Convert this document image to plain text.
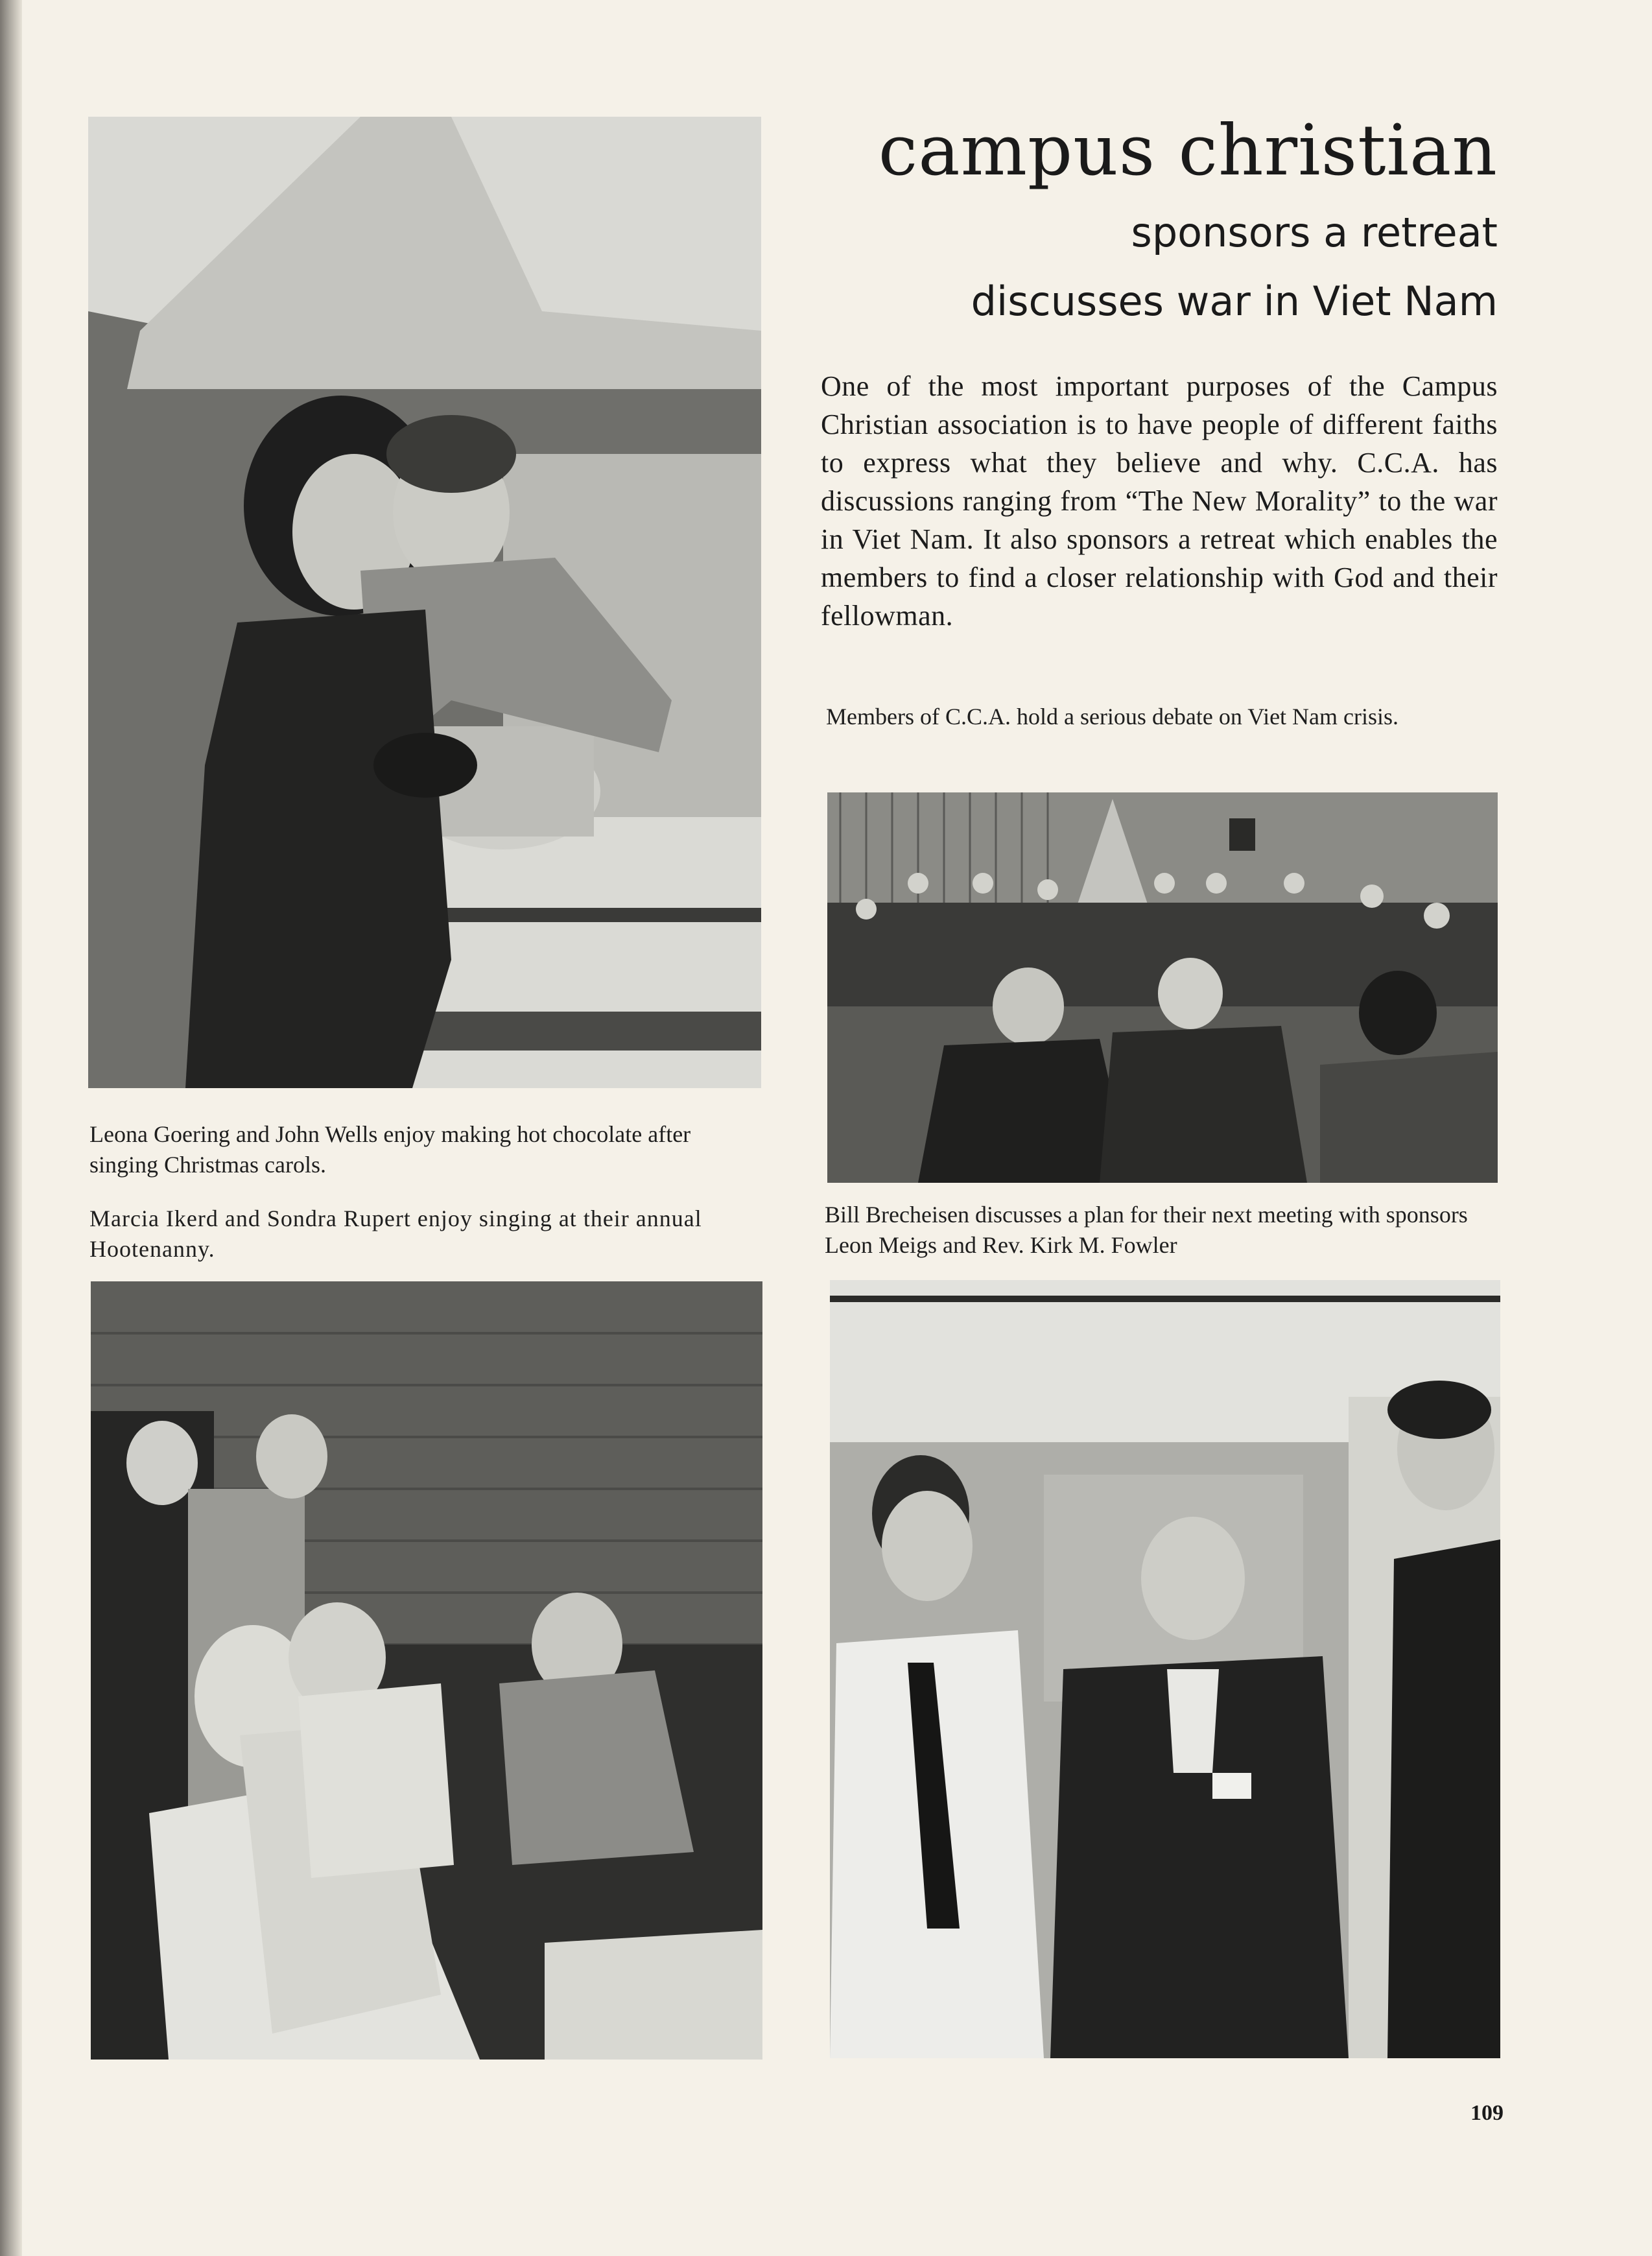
campus christian
sponsors a retreat
discusses war in Viet Nam

One of the most important purposes of the Campus Christian association is to have people of different faiths to express what they believe and why. C.C.A. has discussions ranging from “The New Morality” to the war in Viet Nam. It also sponsors a retreat which enables the members to find a closer relationship with God and their fellowman.

Leona Goering and John Wells enjoy making hot chocolate after singing Christmas carols.

Marcia Ikerd and Sondra Rupert enjoy singing at their annual Hootenanny.

Members of C.C.A. hold a serious debate on Viet Nam crisis.

Bill Brecheisen discusses a plan for their next meeting with sponsors Leon Meigs and Rev. Kirk M. Fowler

109
